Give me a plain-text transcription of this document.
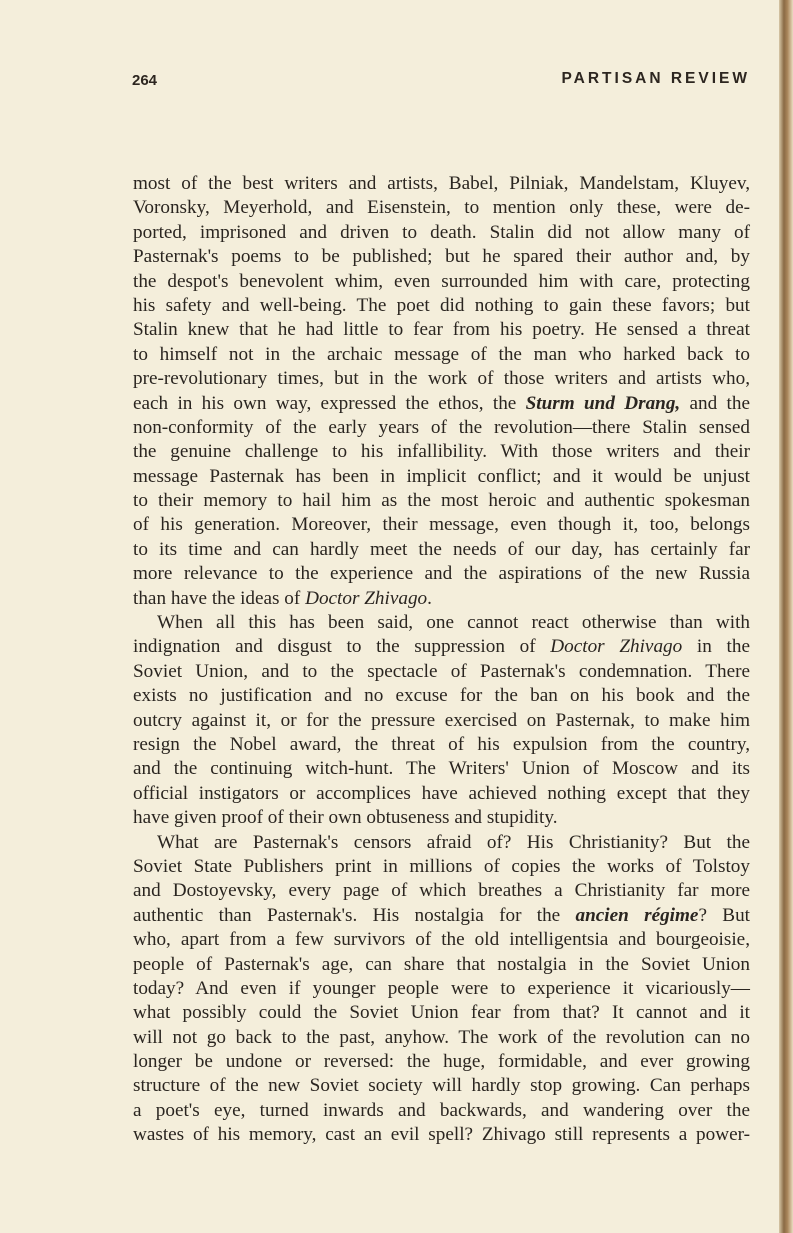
264	PARTISAN REVIEW
most of the best writers and artists, Babel, Pilniak, Mandelstam, Kluyev,
Voronsky, Meyerhold, and Eisenstein, to mention only these, were de-
ported, imprisoned and driven to death. Stalin did not allow many of
Pasternak's poems to be published; but he spared their author and, by
the despot's benevolent whim, even surrounded him with care, protecting
his safety and well-being. The poet did nothing to gain these favors; but
Stalin knew that he had little to fear from his poetry. He sensed a threat
to himself not in the archaic message of the man who harked back to
pre-revolutionary times, but in the work of those writers and artists who,
each in his own way, expressed the ethos, the Sturm und Drang, and the
non-conformity of the early years of the revolution—there Stalin sensed
the genuine challenge to his infallibility. With those writers and their
message Pasternak has been in implicit conflict; and it would be unjust
to their memory to hail him as the most heroic and authentic spokesman
of his generation. Moreover, their message, even though it, too, belongs
to its time and can hardly meet the needs of our day, has certainly far
more relevance to the experience and the aspirations of the new Russia
than have the ideas of Doctor Zhivago.
When all this has been said, one cannot react otherwise than with
indignation and disgust to the suppression of Doctor Zhivago in the
Soviet Union, and to the spectacle of Pasternak's condemnation. There
exists no justification and no excuse for the ban on his book and the
outcry against it, or for the pressure exercised on Pasternak, to make him
resign the Nobel award, the threat of his expulsion from the country,
and the continuing witch-hunt. The Writers' Union of Moscow and its
official instigators or accomplices have achieved nothing except that they
have given proof of their own obtuseness and stupidity.
What are Pasternak's censors afraid of? His Christianity? But the
Soviet State Publishers print in millions of copies the works of Tolstoy
and Dostoyevsky, every page of which breathes a Christianity far more
authentic than Pasternak's. His nostalgia for the ancien régime? But
who, apart from a few survivors of the old intelligentsia and bourgeoisie,
people of Pasternak's age, can share that nostalgia in the Soviet Union
today? And even if younger people were to experience it vicariously—
what possibly could the Soviet Union fear from that? It cannot and it
will not go back to the past, anyhow. The work of the revolution can no
longer be undone or reversed: the huge, formidable, and ever growing
structure of the new Soviet society will hardly stop growing. Can perhaps
a poet's eye, turned inwards and backwards, and wandering over the
wastes of his memory, cast an evil spell? Zhivago still represents a power-
